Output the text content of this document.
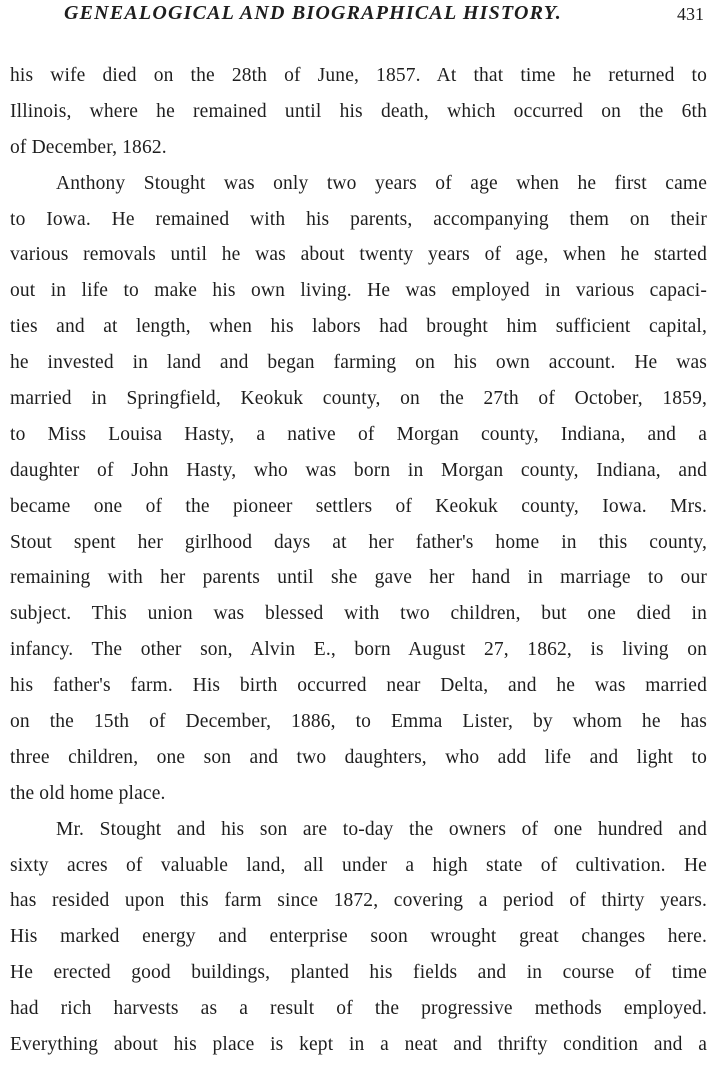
GENEALOGICAL AND BIOGRAPHICAL HISTORY.	431
his wife died on the 28th of June, 1857. At that time he returned to
Illinois, where he remained until his death, which occurred on the 6th
of December, 1862.
Anthony Stought was only two years of age when he first came
to Iowa. He remained with his parents, accompanying them on their
various removals until he was about twenty years of age, when he started
out in life to make his own living. He was employed in various capaci-
ties and at length, when his labors had brought him sufficient capital,
he invested in land and began farming on his own account. He was
married in Springfield, Keokuk county, on the 27th of October, 1859,
to Miss Louisa Hasty, a native of Morgan county, Indiana, and a
daughter of John Hasty, who was born in Morgan county, Indiana, and
became one of the pioneer settlers of Keokuk county, Iowa. Mrs.
Stout spent her girlhood days at her father's home in this county,
remaining with her parents until she gave her hand in marriage to our
subject. This union was blessed with two children, but one died in
infancy. The other son, Alvin E., born August 27, 1862, is living on
his father's farm. His birth occurred near Delta, and he was married
on the 15th of December, 1886, to Emma Lister, by whom he has
three children, one son and two daughters, who add life and light to
the old home place.
Mr. Stought and his son are to-day the owners of one hundred and
sixty acres of valuable land, all under a high state of cultivation. He
has resided upon this farm since 1872, covering a period of thirty years.
His marked energy and enterprise soon wrought great changes here.
He erected good buildings, planted his fields and in course of time
had rich harvests as a result of the progressive methods employed.
Everything about his place is kept in a neat and thrifty condition and a
